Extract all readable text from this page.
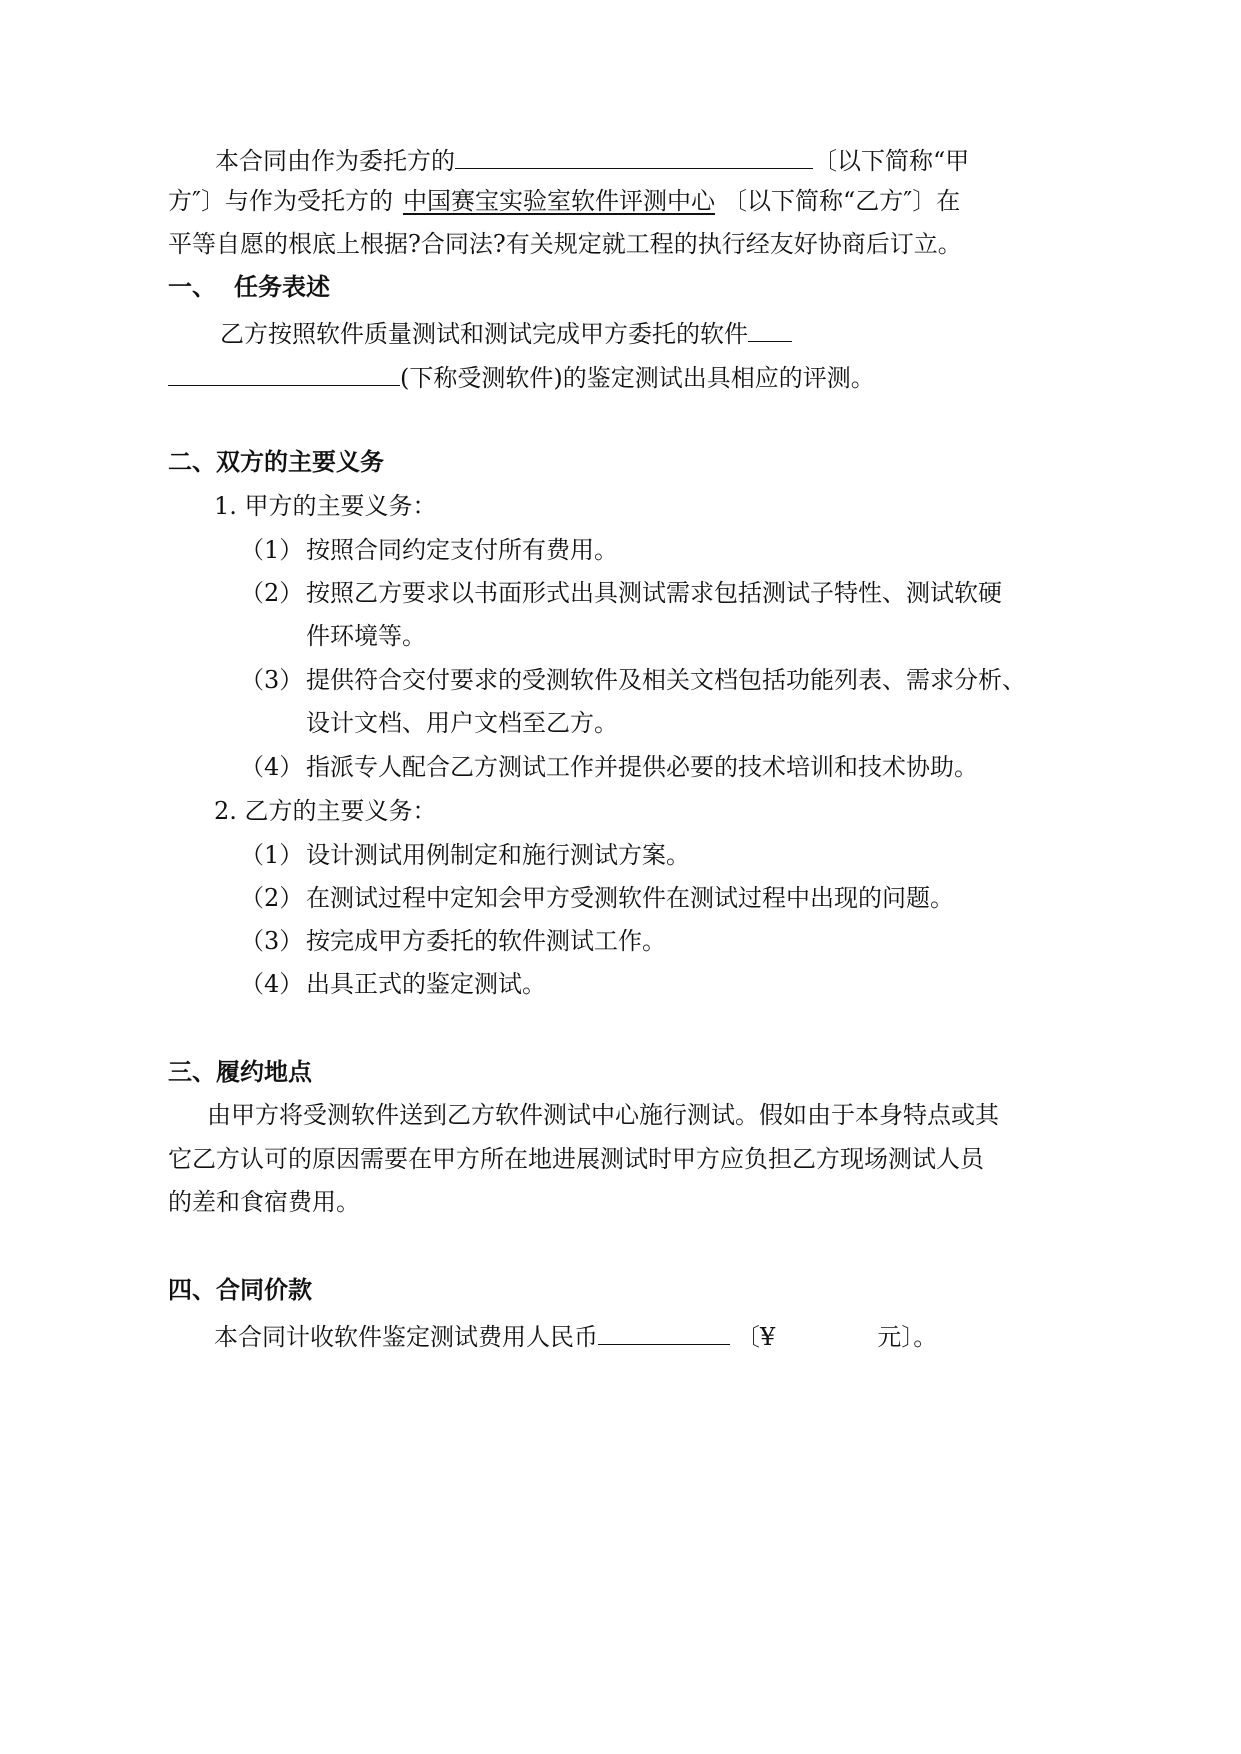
本合同由作为委托方的	〔以下简称“甲
方″〕与作为受托方的 中国赛宝实验室软件评测中心 〔以下简称“乙方″〕在
平等自愿的根底上根据?合同法?有关规定就工程的执行经友好协商后订立。
一、 任务表述
乙方按照软件质量测试和测试完成甲方委托的软件
(下称受测软件)的鉴定测试出具相应的评测。
二、双方的主要义务
1. 甲方的主要义务：
（1） 按照合同约定支付所有费用。
（2） 按照乙方要求以书面形式出具测试需求包括测试子特性、测试软硬
件环境等。
（3） 提供符合交付要求的受测软件及相关文档包括功能列表、需求分析、
设计文档、用户文档至乙方。
（4） 指派专人配合乙方测试工作并提供必要的技术培训和技术协助。
2. 乙方的主要义务：
（1） 设计测试用例制定和施行测试方案。
（2） 在测试过程中定知会甲方受测软件在测试过程中出现的问题。
（3） 按完成甲方委托的软件测试工作。
（4） 出具正式的鉴定测试。
三、履约地点
由甲方将受测软件送到乙方软件测试中心施行测试。假如由于本身特点或其
它乙方认可的原因需要在甲方所在地进展测试时甲方应负担乙方现场测试人员
的差和食宿费用。
四、合同价款
本合同计收软件鉴定测试费用人民币	〔¥	元〕。
